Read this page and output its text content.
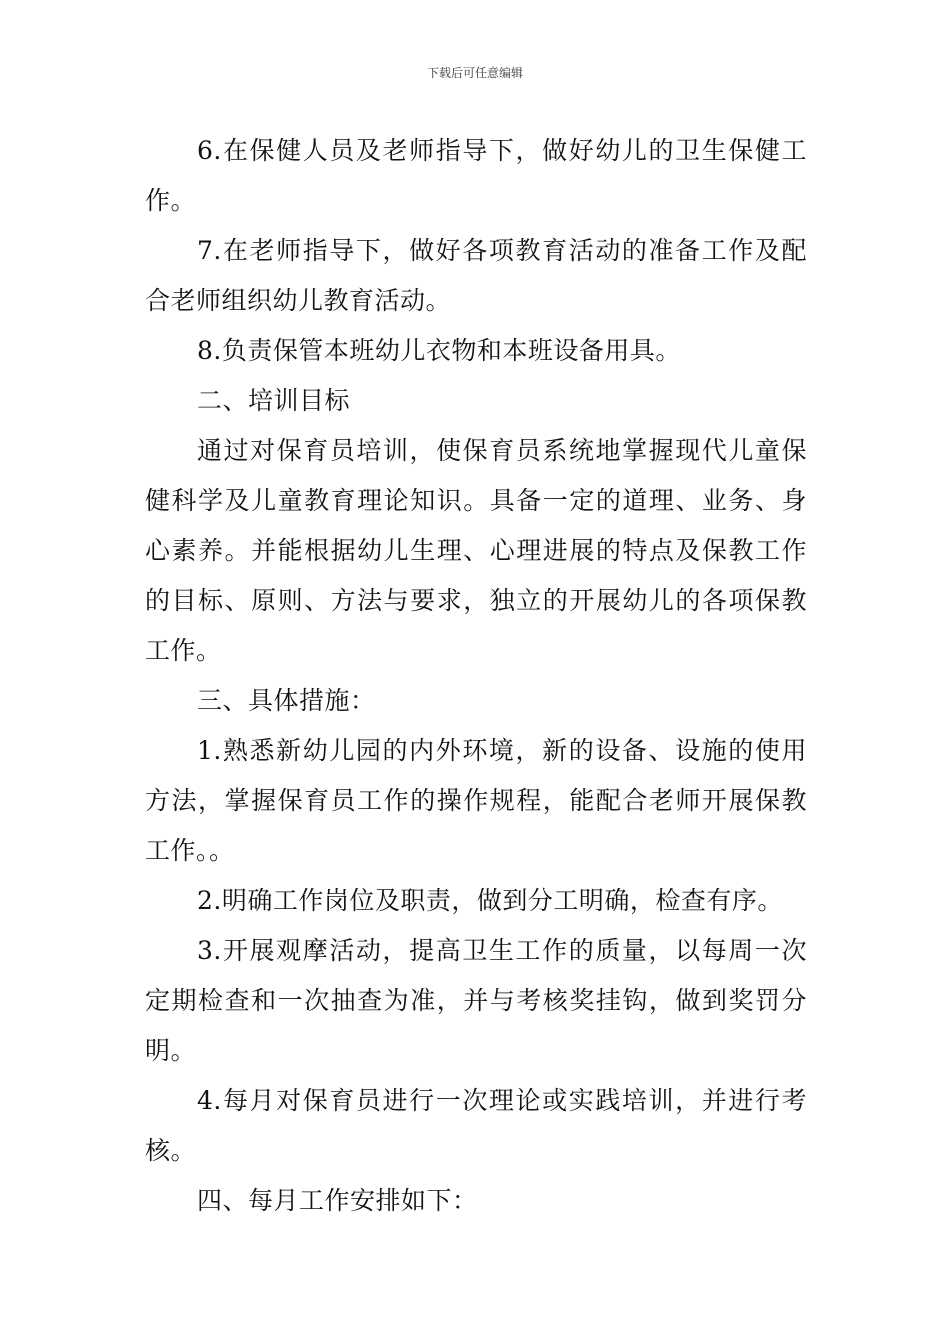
下载后可任意编辑

6.在保健人员及老师指导下，做好幼儿的卫生保健工作。

7.在老师指导下，做好各项教育活动的准备工作及配合老师组织幼儿教育活动。

8.负责保管本班幼儿衣物和本班设备用具。

二、培训目标

通过对保育员培训，使保育员系统地掌握现代儿童保健科学及儿童教育理论知识。具备一定的道理、业务、身心素养。并能根据幼儿生理、心理进展的特点及保教工作的目标、原则、方法与要求，独立的开展幼儿的各项保教工作。

三、具体措施：

1.熟悉新幼儿园的内外环境，新的设备、设施的使用方法，掌握保育员工作的操作规程，能配合老师开展保教工作。。

2.明确工作岗位及职责，做到分工明确，检查有序。

3.开展观摩活动，提高卫生工作的质量，以每周一次定期检查和一次抽查为准，并与考核奖挂钩，做到奖罚分明。

4.每月对保育员进行一次理论或实践培训，并进行考核。

四、每月工作安排如下：
